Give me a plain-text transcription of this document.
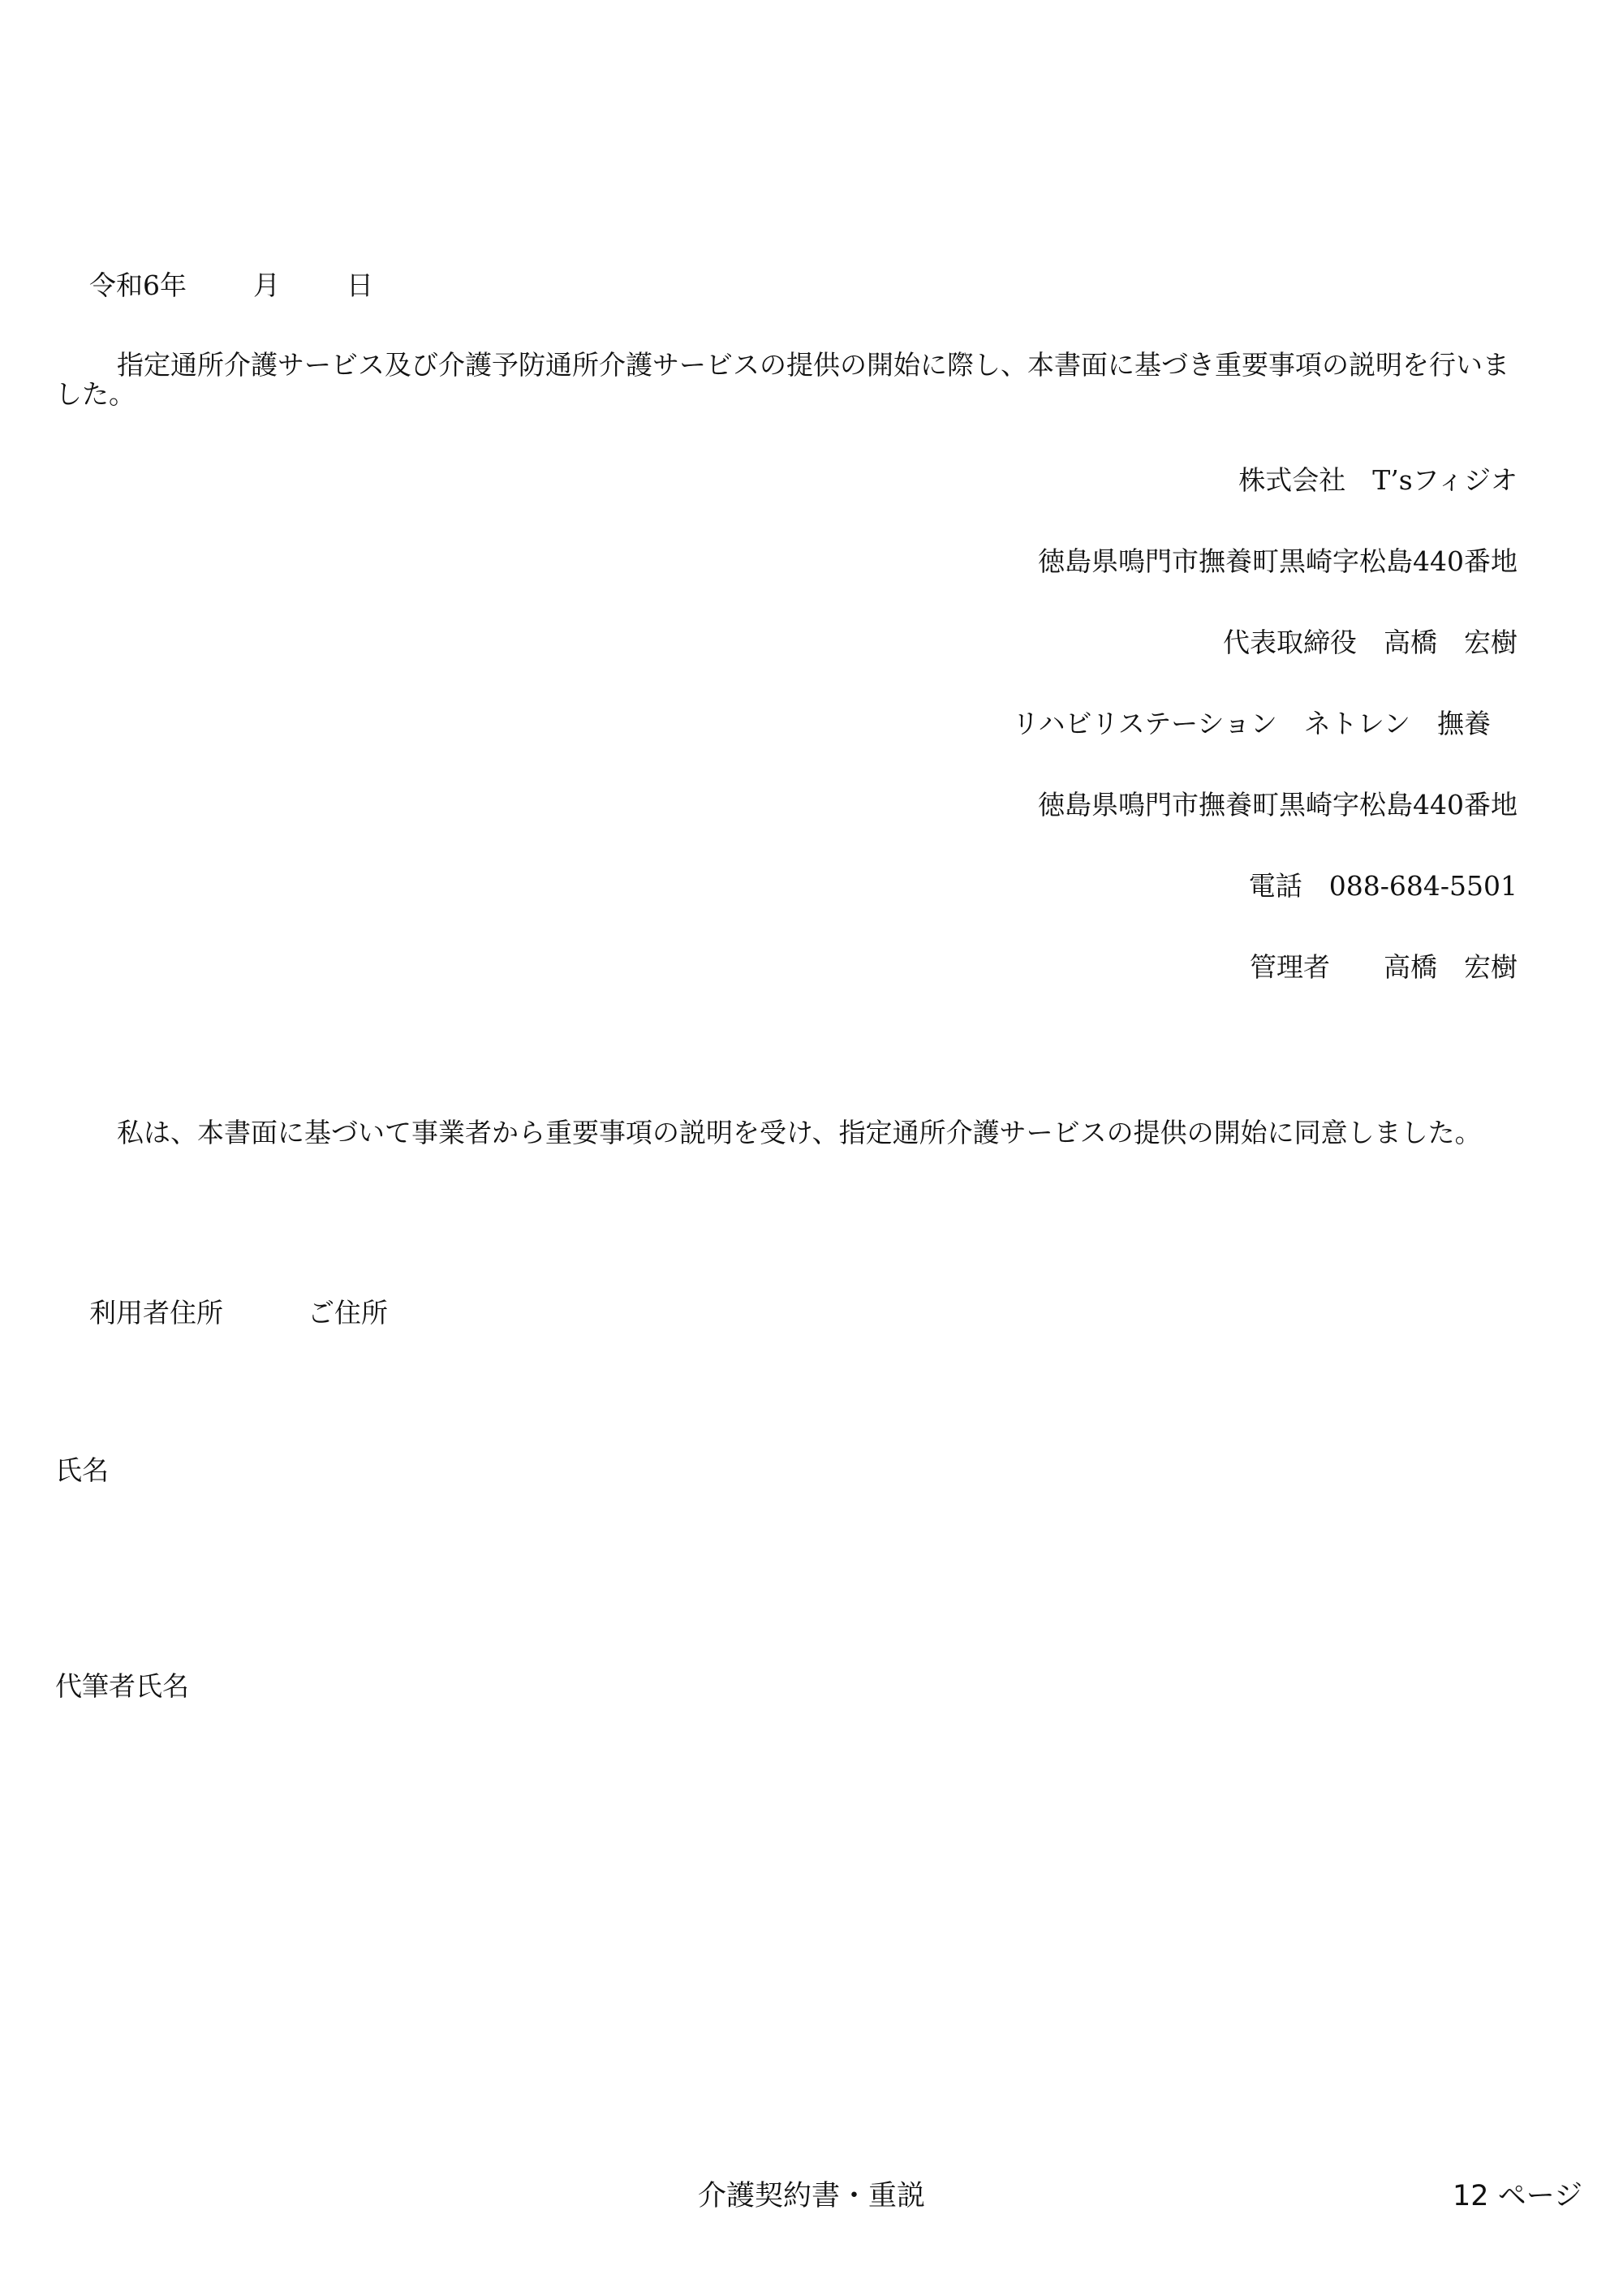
令和6年 月 日

指定通所介護サービス及び介護予防通所介護サービスの提供の開始に際し、本書面に基づき重要事項の説明を行いました。

株式会社　T’sフィジオ
徳島県鳴門市撫養町黒崎字松島440番地
代表取締役　高橋　宏樹
リハビリステーション　ネトレン　撫養　
徳島県鳴門市撫養町黒崎字松島440番地
電話　088-684-5501
管理者　　高橋　宏樹

私は、本書面に基づいて事業者から重要事項の説明を受け、指定通所介護サービスの提供の開始に同意しました。

利用者住所	ご住所

氏名
代筆者氏名
介護契約書・重説	12 ページ
